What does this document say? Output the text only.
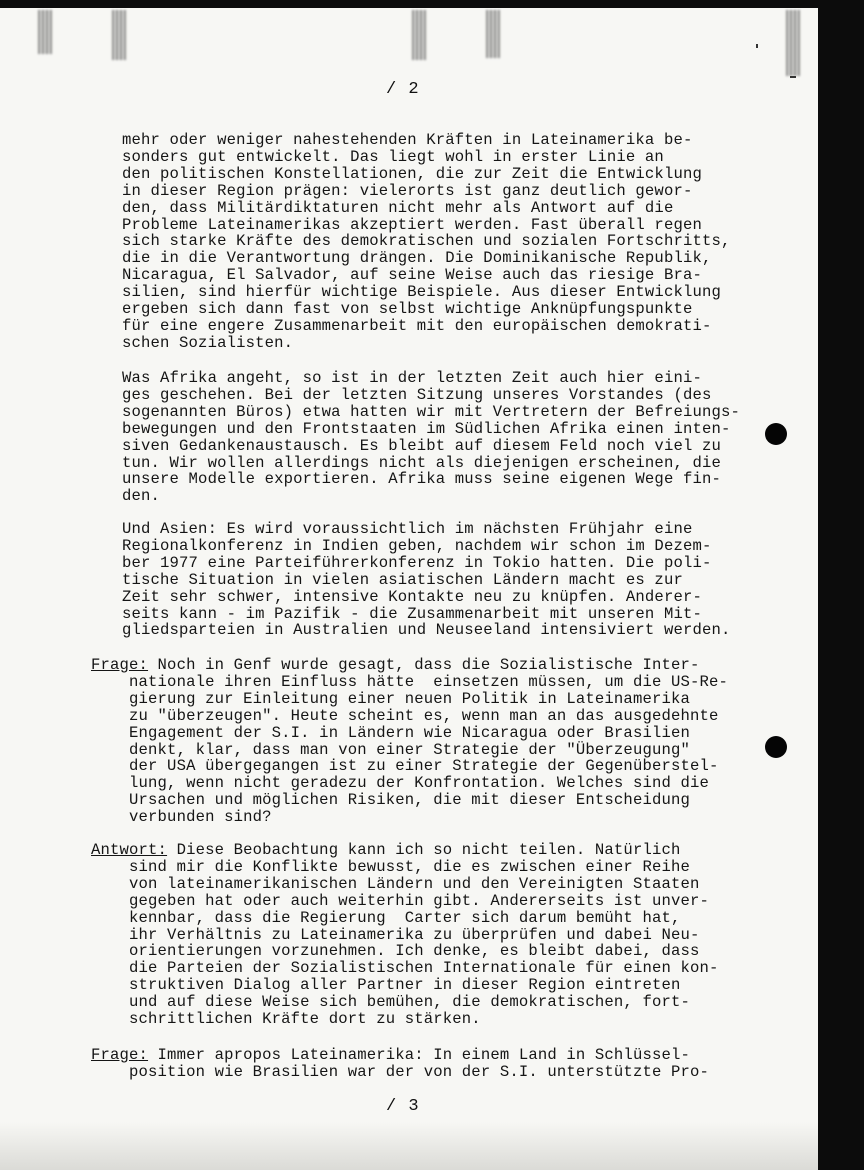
/ 2

mehr oder weniger nahestehenden Kräften in Lateinamerika be-
sonders gut entwickelt. Das liegt wohl in erster Linie an
den politischen Konstellationen, die zur Zeit die Entwicklung
in dieser Region prägen: vielerorts ist ganz deutlich gewor-
den, dass Militärdiktaturen nicht mehr als Antwort auf die
Probleme Lateinamerikas akzeptiert werden. Fast überall regen
sich starke Kräfte des demokratischen und sozialen Fortschritts,
die in die Verantwortung drängen. Die Dominikanische Republik,
Nicaragua, El Salvador, auf seine Weise auch das riesige Bra-
silien, sind hierfür wichtige Beispiele. Aus dieser Entwicklung
ergeben sich dann fast von selbst wichtige Anknüpfungspunkte
für eine engere Zusammenarbeit mit den europäischen demokrati-
schen Sozialisten.

Was Afrika angeht, so ist in der letzten Zeit auch hier eini-
ges geschehen. Bei der letzten Sitzung unseres Vorstandes (des
sogenannten Büros) etwa hatten wir mit Vertretern der Befreiungs-
bewegungen und den Frontstaaten im Südlichen Afrika einen inten-
siven Gedankenaustausch. Es bleibt auf diesem Feld noch viel zu
tun. Wir wollen allerdings nicht als diejenigen erscheinen, die
unsere Modelle exportieren. Afrika muss seine eigenen Wege fin-
den.

Und Asien: Es wird voraussichtlich im nächsten Frühjahr eine
Regionalkonferenz in Indien geben, nachdem wir schon im Dezem-
ber 1977 eine Parteiführerkonferenz in Tokio hatten. Die poli-
tische Situation in vielen asiatischen Ländern macht es zur
Zeit sehr schwer, intensive Kontakte neu zu knüpfen. Anderer-
seits kann - im Pazifik - die Zusammenarbeit mit unseren Mit-
gliedsparteien in Australien und Neuseeland intensiviert werden.

Frage: Noch in Genf wurde gesagt, dass die Sozialistische Inter-
nationale ihren Einfluss hätte  einsetzen müssen, um die US-Re-
gierung zur Einleitung einer neuen Politik in Lateinamerika
zu "überzeugen". Heute scheint es, wenn man an das ausgedehnte
Engagement der S.I. in Ländern wie Nicaragua oder Brasilien
denkt, klar, dass man von einer Strategie der "Überzeugung"
der USA übergegangen ist zu einer Strategie der Gegenüberstel-
lung, wenn nicht geradezu der Konfrontation. Welches sind die
Ursachen und möglichen Risiken, die mit dieser Entscheidung
verbunden sind?
Antwort: Diese Beobachtung kann ich so nicht teilen. Natürlich
sind mir die Konflikte bewusst, die es zwischen einer Reihe
von lateinamerikanischen Ländern und den Vereinigten Staaten
gegeben hat oder auch weiterhin gibt. Andererseits ist unver-
kennbar, dass die Regierung  Carter sich darum bemüht hat,
ihr Verhältnis zu Lateinamerika zu überprüfen und dabei Neu-
orientierungen vorzunehmen. Ich denke, es bleibt dabei, dass
die Parteien der Sozialistischen Internationale für einen kon-
struktiven Dialog aller Partner in dieser Region eintreten
und auf diese Weise sich bemühen, die demokratischen, fort-
schrittlichen Kräfte dort zu stärken.
Frage: Immer apropos Lateinamerika: In einem Land in Schlüssel-
position wie Brasilien war der von der S.I. unterstützte Pro-
/ 3
